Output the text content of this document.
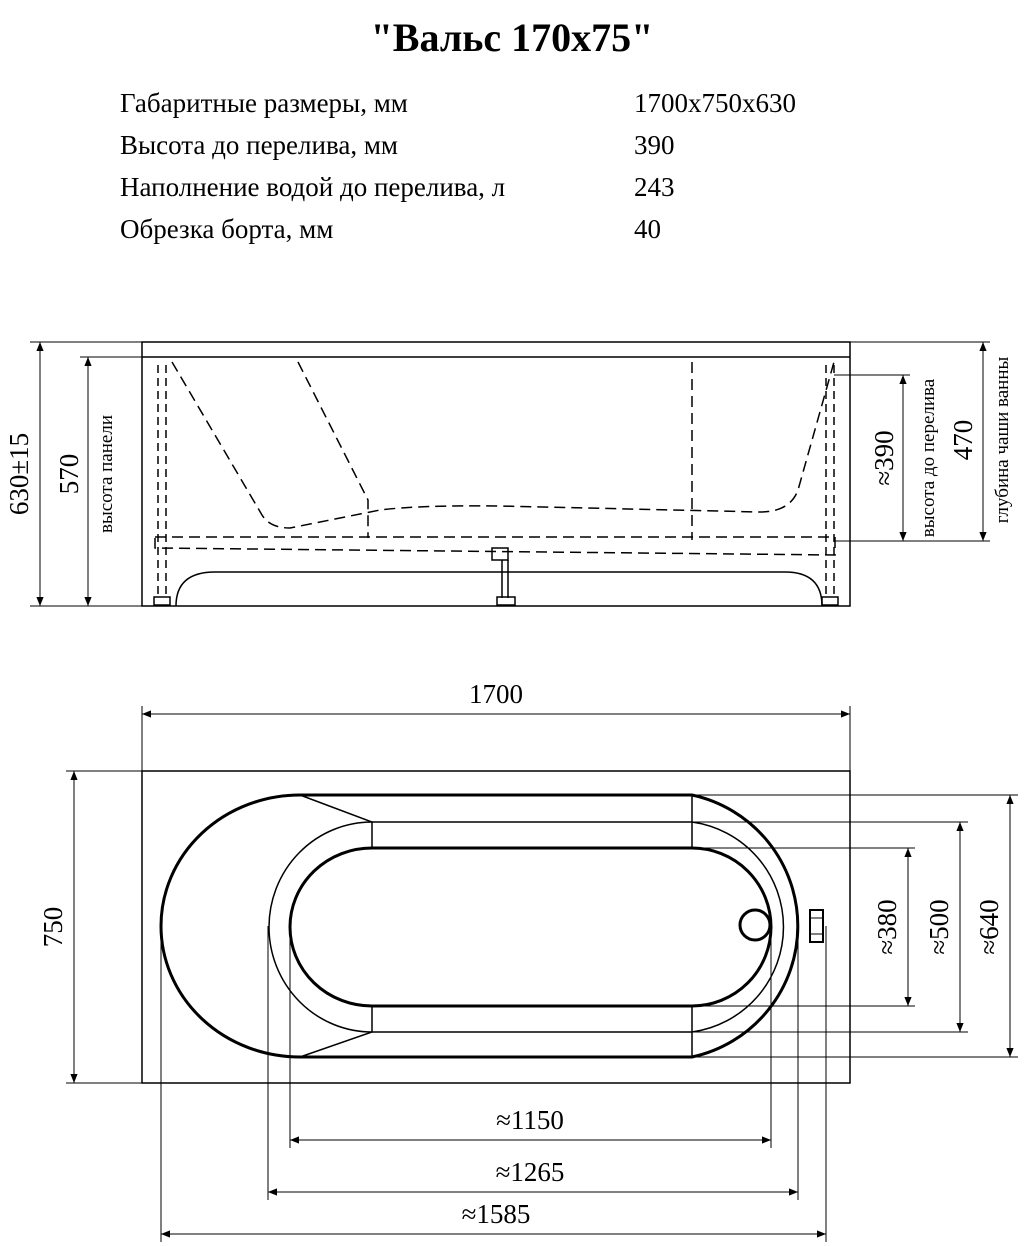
"Вальс 170х75"
Габаритные размеры, мм	1700х750х630
Высота до перелива, мм	390
Наполнение водой до перелива, л	243
Обрезка борта, мм	40
630±15 570 высота панели	≈390 высота до перелива 470 глубина чаши ванны
1700
750
≈1150
≈1265
≈1585
≈380 ≈500 ≈640
